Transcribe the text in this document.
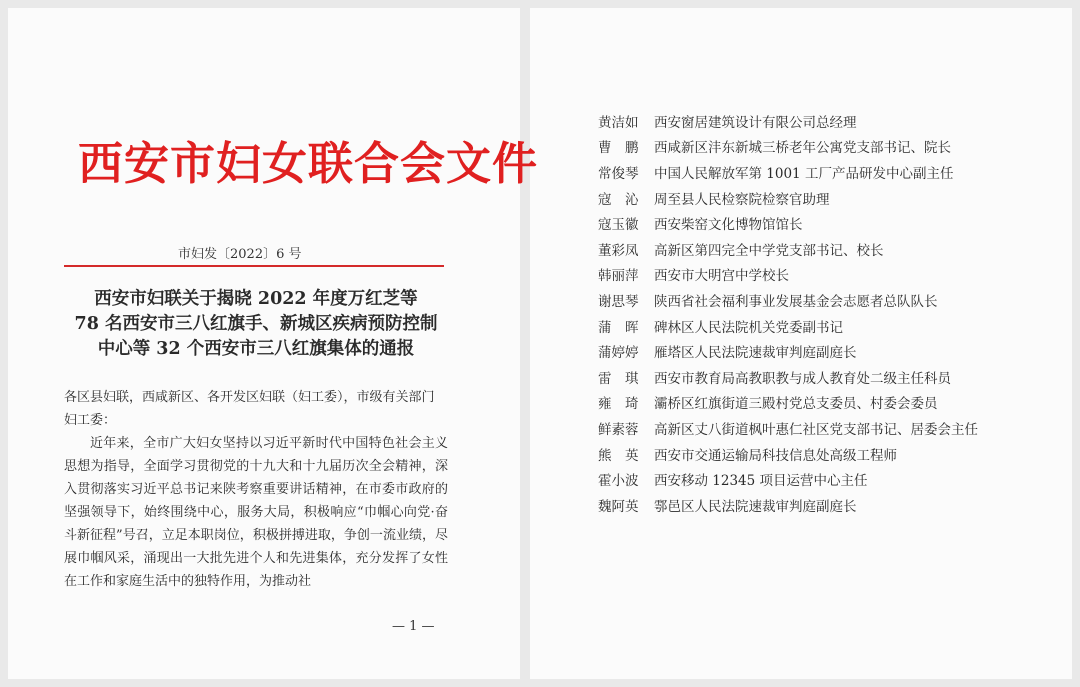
西安市妇女联合会文件
市妇发〔2022〕6 号
西安市妇联关于揭晓 2022 年度万红芝等
78 名西安市三八红旗手、新城区疾病预防控制
中心等 32 个西安市三八红旗集体的通报
各区县妇联，西咸新区、各开发区妇联（妇工委），市级有关部门妇工委：

近年来，全市广大妇女坚持以习近平新时代中国特色社会主义思想为指导，全面学习贯彻党的十九大和十九届历次全会精神，深入贯彻落实习近平总书记来陕考察重要讲话精神，在市委市政府的坚强领导下，始终围绕中心，服务大局，积极响应“巾帼心向党·奋斗新征程”号召，立足本职岗位，积极拼搏进取，争创一流业绩，尽展巾帼风采，涌现出一大批先进个人和先进集体，充分发挥了女性在工作和家庭生活中的独特作用，为推动社

— 1 —
黄洁如	西安窗居建筑设计有限公司总经理
曹　鹏	西咸新区沣东新城三桥老年公寓党支部书记、院长
常俊琴	中国人民解放军第 1001 工厂产品研发中心副主任
寇　沁	周至县人民检察院检察官助理
寇玉徽	西安柴窑文化博物馆馆长
董彩凤	高新区第四完全中学党支部书记、校长
韩丽萍	西安市大明宫中学校长
谢思琴	陕西省社会福利事业发展基金会志愿者总队队长
蒲　晖	碑林区人民法院机关党委副书记
蒲婷婷	雁塔区人民法院速裁审判庭副庭长
雷　琪	西安市教育局高教职教与成人教育处二级主任科员
雍　琦	灞桥区红旗街道三殿村党总支委员、村委会委员
鲜素蓉	高新区丈八街道枫叶惠仁社区党支部书记、居委会主任
熊　英	西安市交通运输局科技信息处高级工程师
霍小波	西安移动 12345 项目运营中心主任
魏阿英	鄠邑区人民法院速裁审判庭副庭长
